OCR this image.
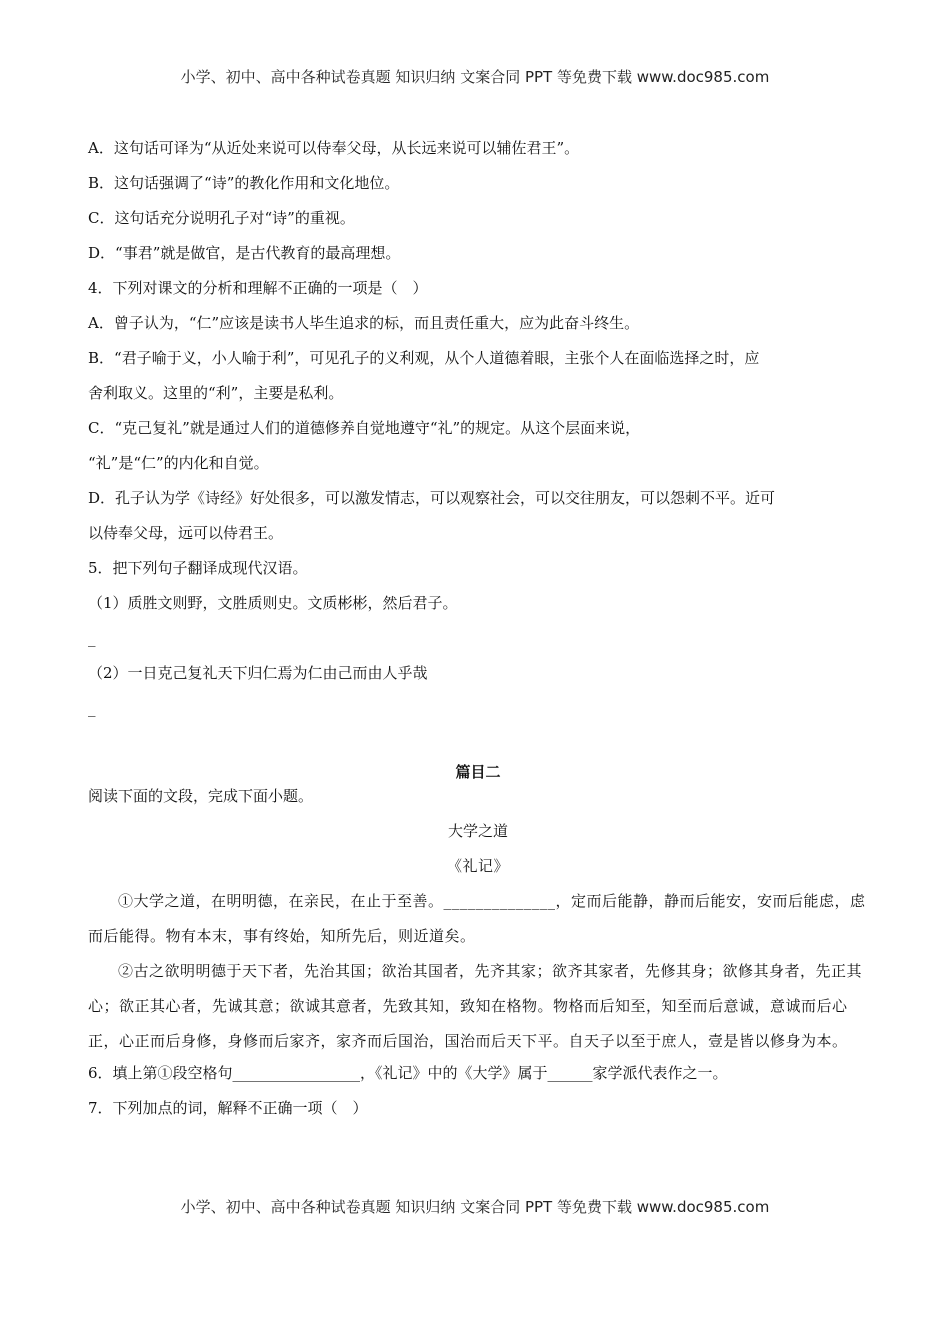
小学、初中、高中各种试卷真题 知识归纳 文案合同 PPT 等免费下载 www.doc985.com

A．这句话可译为“从近处来说可以侍奉父母，从长远来说可以辅佐君王”。

B．这句话强调了“诗”的教化作用和文化地位。

C．这句话充分说明孔子对“诗”的重视。

D．“事君”就是做官，是古代教育的最高理想。

4．下列对课文的分析和理解不正确的一项是（　）

A．曾子认为，“仁”应该是读书人毕生追求的标，而且责任重大，应为此奋斗终生。

B．“君子喻于义，小人喻于利”，可见孔子的义利观，从个人道德着眼，主张个人在面临选择之时，应

舍利取义。这里的“利”，主要是私利。

C．“克己复礼”就是通过人们的道德修养自觉地遵守“礼”的规定。从这个层面来说，

“礼”是“仁”的内化和自觉。

D．孔子认为学《诗经》好处很多，可以激发情志，可以观察社会，可以交往朋友，可以怨刺不平。近可

以侍奉父母，远可以侍君王。

5．把下列句子翻译成现代汉语。

（1）质胜文则野，文胜质则史。文质彬彬，然后君子。

_

（2）一日克己复礼天下归仁焉为仁由己而由人乎哉

_

篇目二

阅读下面的文段，完成下面小题。

大学之道

《礼记》

①大学之道，在明明德，在亲民，在止于至善。______________，定而后能静，静而后能安，安而后能虑，虑而后能得。物有本末，事有终始，知所先后，则近道矣。

②古之欲明明德于天下者，先治其国；欲治其国者，先齐其家；欲齐其家者，先修其身；欲修其身者，先正其心；欲正其心者，先诚其意；欲诚其意者，先致其知，致知在格物。物格而后知至，知至而后意诚，意诚而后心正，心正而后身修，身修而后家齐，家齐而后国治，国治而后天下平。自天子以至于庶人，壹是皆以修身为本。

6．填上第①段空格句_________________，《礼记》中的《大学》属于______家学派代表作之一。

7．下列加点的词，解释不正确一项（　）

小学、初中、高中各种试卷真题 知识归纳 文案合同 PPT 等免费下载 www.doc985.com
